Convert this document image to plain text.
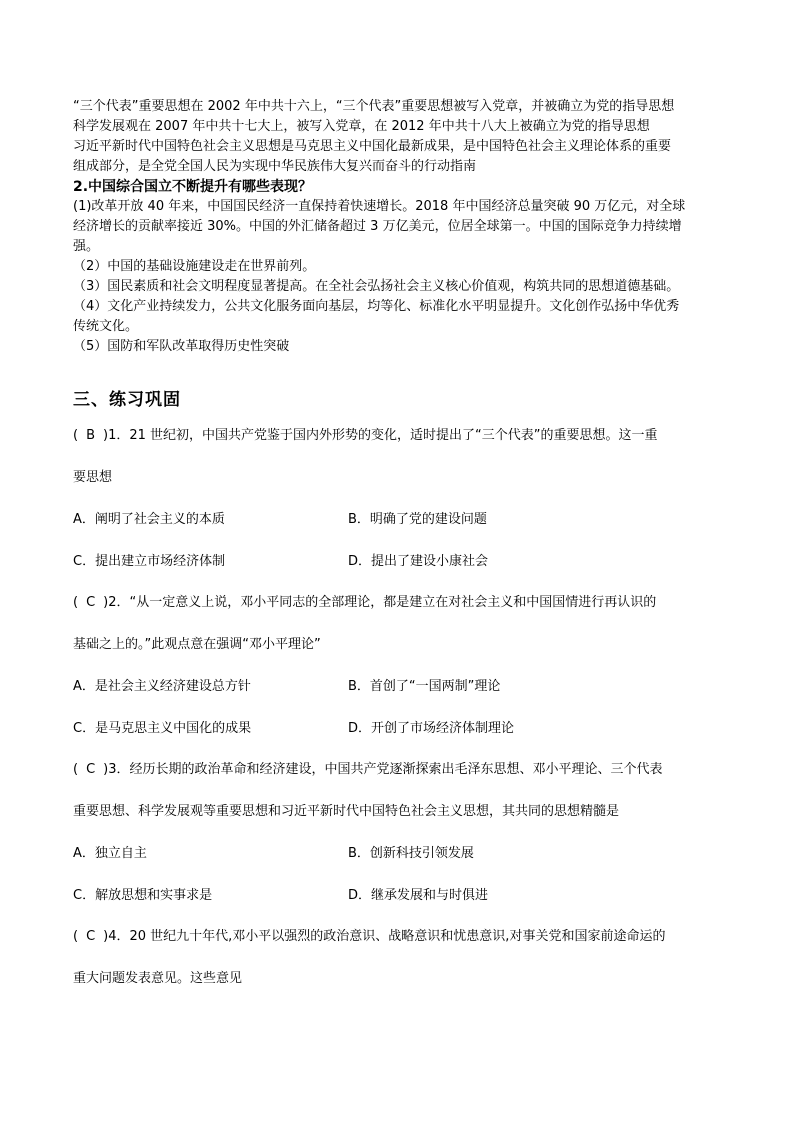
“三个代表”重要思想在 2002 年中共十六上，“三个代表”重要思想被写入党章，并被确立为党的指导思想

科学发展观在 2007 年中共十七大上，被写入党章，在 2012 年中共十八大上被确立为党的指导思想

习近平新时代中国特色社会主义思想是马克思主义中国化最新成果，是中国特色社会主义理论体系的重要

组成部分，是全党全国人民为实现中华民族伟大复兴而奋斗的行动指南

2.中国综合国立不断提升有哪些表现？

(1)改革开放 40 年来，中国国民经济一直保持着快速增长。2018 年中国经济总量突破 90 万亿元，对全球

经济增长的贡献率接近 30%。中国的外汇储备超过 3 万亿美元，位居全球第一。中国的国际竞争力持续增

强。

（2）中国的基础设施建设走在世界前列。

（3）国民素质和社会文明程度显著提高。在全社会弘扬社会主义核心价值观，构筑共同的思想道德基础。

（4）文化产业持续发力，公共文化服务面向基层，均等化、标准化水平明显提升。文化创作弘扬中华优秀

传统文化。

（5）国防和军队改革取得历史性突破

三、练习巩固
( B )1．21 世纪初，中国共产党鉴于国内外形势的变化，适时提出了“三个代表”的重要思想。这一重
要思想
A．阐明了社会主义的本质	B．明确了党的建设问题
C．提出建立市场经济体制	D．提出了建设小康社会
( C )2．“从一定意义上说，邓小平同志的全部理论，都是建立在对社会主义和中国国情进行再认识的
基础之上的。”此观点意在强调“邓小平理论”
A．是社会主义经济建设总方针	B．首创了“一国两制”理论
C．是马克思主义中国化的成果	D．开创了市场经济体制理论
( C )3．经历长期的政治革命和经济建设，中国共产党逐渐探索出毛泽东思想、邓小平理论、三个代表
重要思想、科学发展观等重要思想和习近平新时代中国特色社会主义思想，其共同的思想精髓是
A．独立自主	B．创新科技引领发展
C．解放思想和实事求是	D．继承发展和与时俱进
( C )4．20 世纪九十年代,邓小平以强烈的政治意识、战略意识和忧患意识,对事关党和国家前途命运的
重大问题发表意见。这些意见
